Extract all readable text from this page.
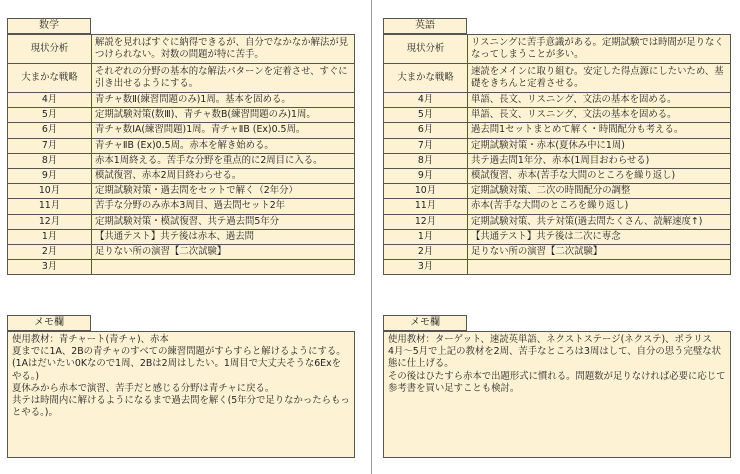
数学
現状分析	解説を見ればすぐに納得できるが、自分でなかなか解法が見つけられない。対数の問題が特に苦手。
大まかな戦略	それぞれの分野の基本的な解法パターンを定着させ、すぐに引き出せるようにする。
4月	青チャ数Ⅱ(練習問題のみ)1周。基本を固める。
5月	定期試験対策(数Ⅲ)、青チャ数B(練習問題のみ)1周。
6月	青チャ数ⅠA(練習問題)1周。青チャⅡB (Ex)0.5周。
7月	青チャⅡB (Ex)0.5周。赤本を解き始める。
8月	赤本1周終える。苦手な分野を重点的に2周目に入る。
9月	模試復習、赤本2周目終わらせる。
10月	定期試験対策・過去問をセットで解く（2年分）
11月	苦手な分野のみ赤本3周目、過去問セット2年
12月	定期試験対策・模試復習、共テ過去問5年分
1月	【共通テスト】共テ後は赤本、過去問
2月	足りない所の演習【二次試験】
3月	
メモ欄
使用教材：青チャート(青チャ)、赤本
夏までに1A、2Bの青チャのすべての練習問題がすらすらと解けるようにする。(1Aはだいたい0Kなので1周、2Bは2周はしたい。1周目で大丈夫そうな6Exをやる。)
夏休みから赤本で演習、苦手だと感じる分野は青チャに戻る。
共テは時間内に解けるようになるまで過去問を解く(5年分で足りなかったらもっとやる。)。
英語
現状分析	リスニングに苦手意識がある。定期試験では時間が足りなくなってしまうことが多い。
大まかな戦略	速読をメインに取り組む。安定した得点源にしたいため、基礎をきちんと定着させる。
4月	単語、長文、リスニング、文法の基本を固める。
5月	単語、長文、リスニング、文法の基本を固める。
6月	過去問1セットまとめて解く・時間配分も考える。
7月	定期試験対策・赤本(夏休み中に1周)
8月	共テ過去問1年分、赤本(1周目おわらせる)
9月	模試復習、赤本(苦手な大問のところを繰り返し)
10月	定期試験対策、二次の時間配分の調整
11月	赤本(苦手な大問のところを繰り返し)
12月	定期試験対策、共テ対策(過去問たくさん、読解速度↑)
1月	【共通テスト】共テ後は二次に専念
2月	足りない所の演習【二次試験】
3月	
メモ欄
使用教材：ターゲット、速読英単語、ネクストステージ(ネクステ)、ポラリス
4月〜5月で上記の教材を2周、苦手なところは3周はして、自分の思う完璧な状態に仕上げる。
その後はひたすら赤本で出題形式に慣れる。問題数が足りなければ必要に応じて参考書を買い足すことも検討。
